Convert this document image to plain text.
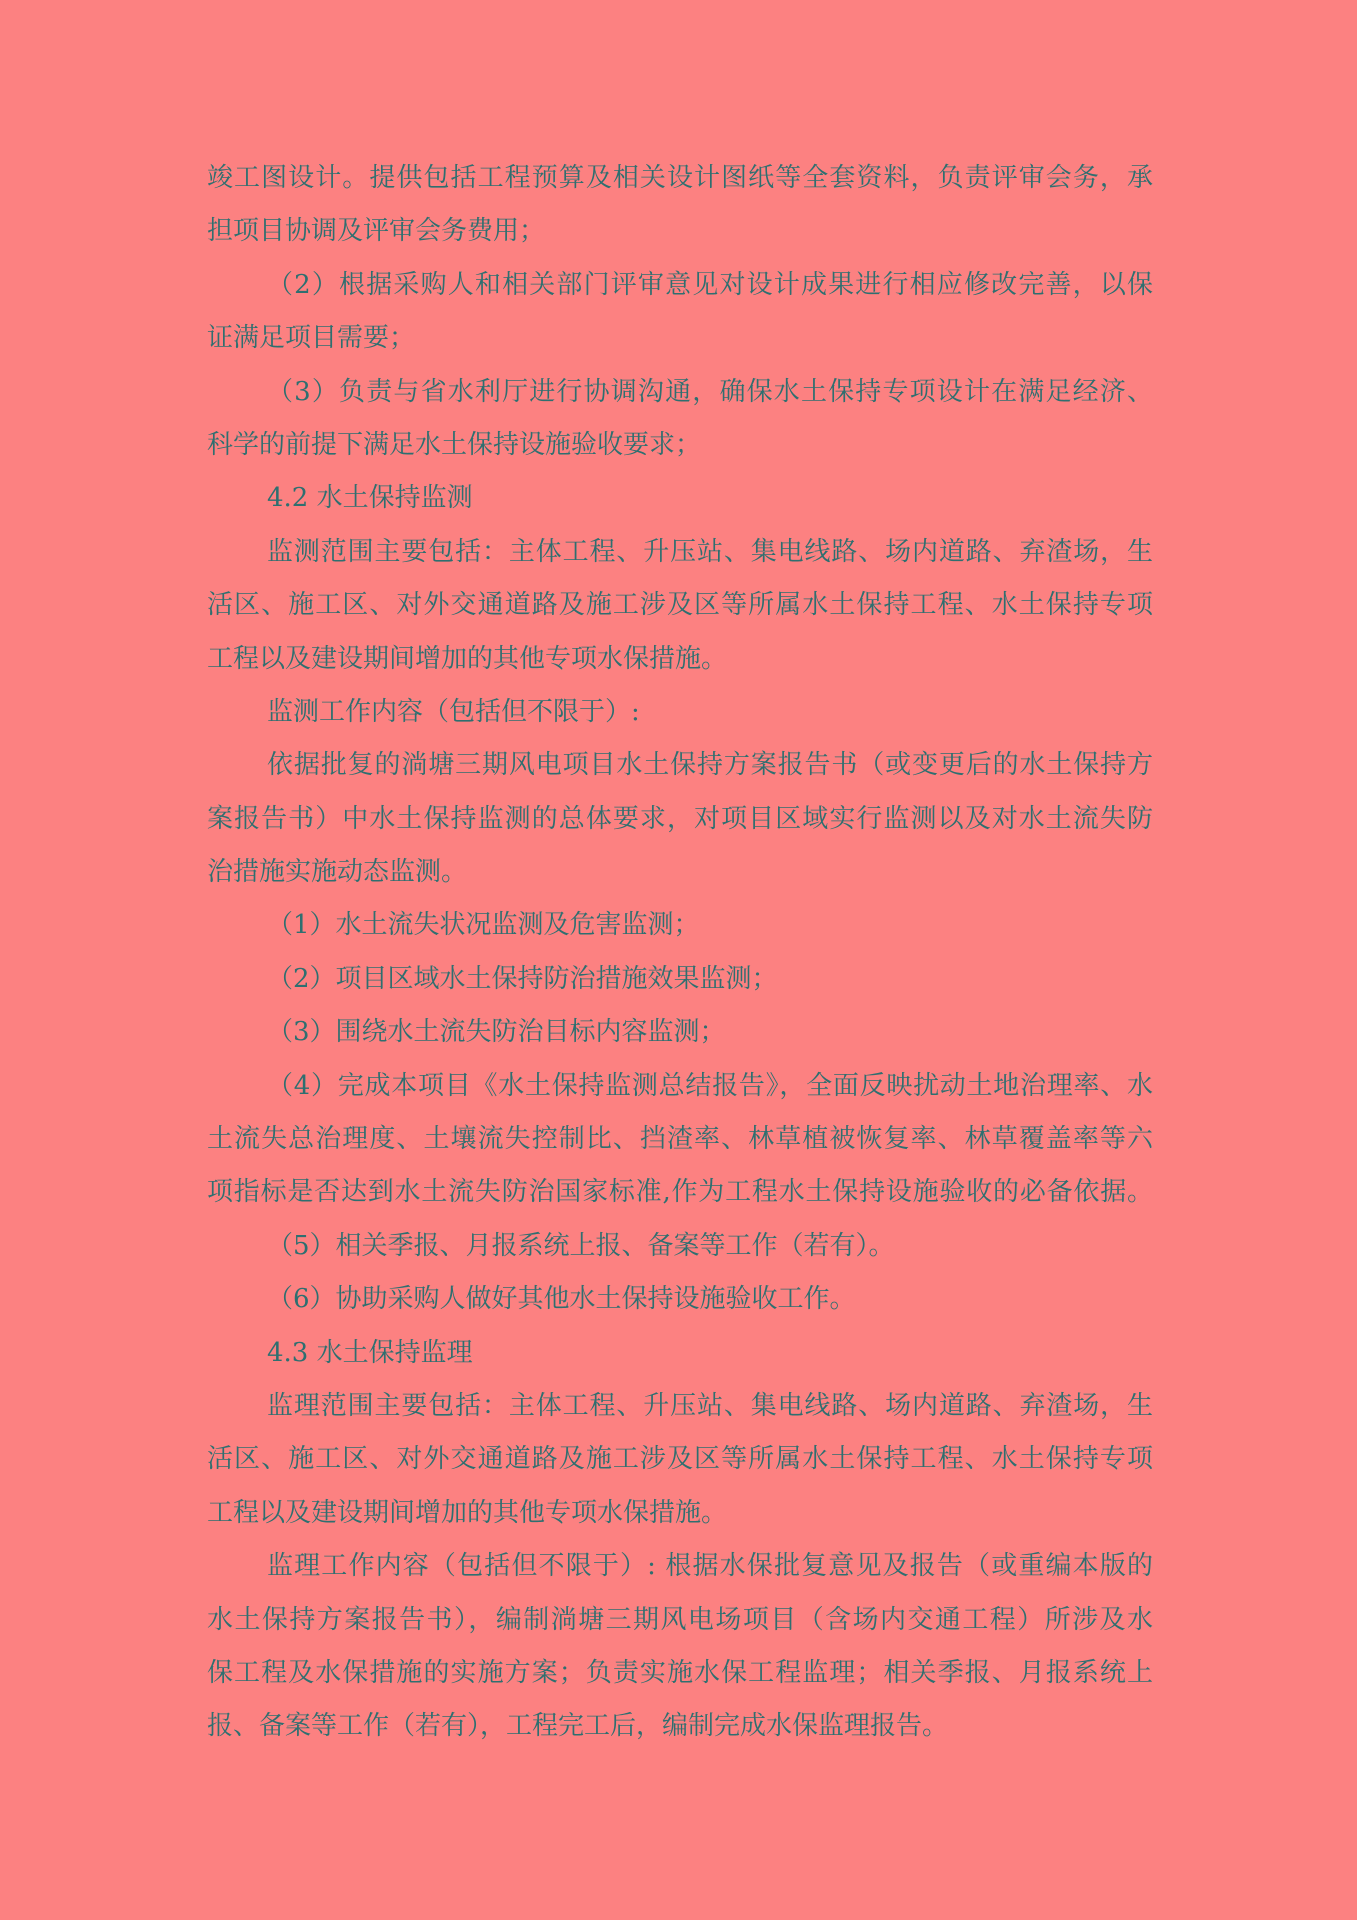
竣工图设计。提供包括工程预算及相关设计图纸等全套资料，负责评审会务，承
担项目协调及评审会务费用；
（2）根据采购人和相关部门评审意见对设计成果进行相应修改完善，以保
证满足项目需要；
（3）负责与省水利厅进行协调沟通，确保水土保持专项设计在满足经济、
科学的前提下满足水土保持设施验收要求；
4.2 水土保持监测
监测范围主要包括：主体工程、升压站、集电线路、场内道路、弃渣场，生
活区、施工区、对外交通道路及施工涉及区等所属水土保持工程、水土保持专项
工程以及建设期间增加的其他专项水保措施。
监测工作内容（包括但不限于）:
依据批复的淌塘三期风电项目水土保持方案报告书（或变更后的水土保持方
案报告书）中水土保持监测的总体要求，对项目区域实行监测以及对水土流失防
治措施实施动态监测。
（1）水土流失状况监测及危害监测；
（2）项目区域水土保持防治措施效果监测；
（3）围绕水土流失防治目标内容监测；
（4）完成本项目《水土保持监测总结报告》，全面反映扰动土地治理率、水
土流失总治理度、土壤流失控制比、挡渣率、林草植被恢复率、林草覆盖率等六
项指标是否达到水土流失防治国家标准,作为工程水土保持设施验收的必备依据。
（5）相关季报、月报系统上报、备案等工作（若有）。
（6）协助采购人做好其他水土保持设施验收工作。
4.3 水土保持监理
监理范围主要包括：主体工程、升压站、集电线路、场内道路、弃渣场，生
活区、施工区、对外交通道路及施工涉及区等所属水土保持工程、水土保持专项
工程以及建设期间增加的其他专项水保措施。
监理工作内容（包括但不限于）: 根据水保批复意见及报告（或重编本版的
水土保持方案报告书），编制淌塘三期风电场项目（含场内交通工程）所涉及水
保工程及水保措施的实施方案；负责实施水保工程监理；相关季报、月报系统上
报、备案等工作（若有），工程完工后，编制完成水保监理报告。
